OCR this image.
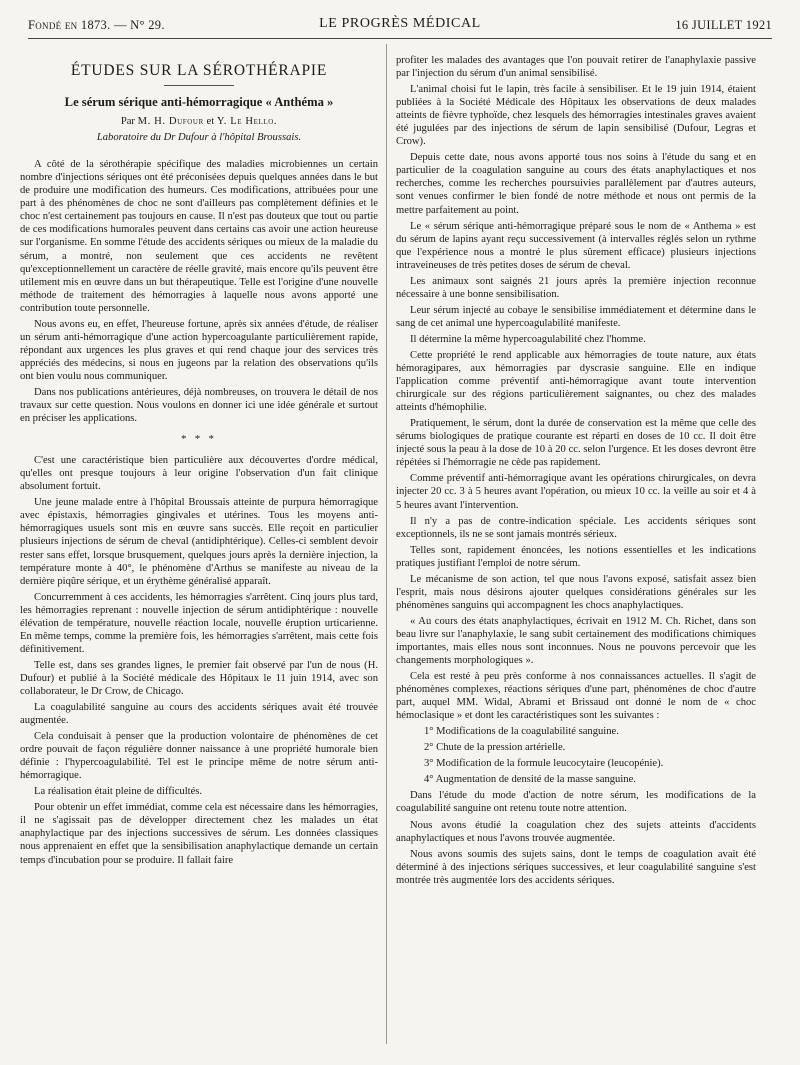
Fondé en 1873. — N° 29.	LE PROGRÈS MÉDICAL	16 JUILLET 1921
ÉTUDES SUR LA SÉROTHÉRAPIE
Le sérum sérique anti-hémorragique « Anthéma »
Par M. H. Dufour et Y. Le Hello.
Laboratoire du Dr Dufour à l'hôpital Broussais.

A côté de la sérothérapie spécifique des maladies microbiennes un certain nombre d'injections sériques ont été préconisées depuis quelques années dans le but de produire une modification des humeurs. Ces modifications, attribuées pour une part à des phénomènes de choc ne sont d'ailleurs pas complètement définies et le choc n'est certainement pas toujours en cause. Il n'est pas douteux que tout ou partie de ces modifications humorales peuvent dans certains cas avoir une action heureuse sur l'organisme. En somme l'étude des accidents sériques ou mieux de la maladie du sérum, a montré, non seulement que ces accidents ne revêtent qu'exceptionnellement un caractère de réelle gravité, mais encore qu'ils peuvent être utilement mis en œuvre dans un but thérapeutique. Telle est l'origine d'une nouvelle méthode de traitement des hémorragies à laquelle nous avons apporté une contribution toute personnelle.

Nous avons eu, en effet, l'heureuse fortune, après six années d'étude, de réaliser un sérum anti-hémorragique d'une action hypercoagulante particulièrement rapide, répondant aux urgences les plus graves et qui rend chaque jour des services très appréciés des médecins, si nous en jugeons par la relation des observations qu'ils ont bien voulu nous communiquer.

Dans nos publications antérieures, déjà nombreuses, on trouvera le détail de nos travaux sur cette question. Nous voulons en donner ici une idée générale et surtout en préciser les applications.

* * *

C'est une caractéristique bien particulière aux découvertes d'ordre médical, qu'elles ont presque toujours à leur origine l'observation d'un fait clinique absolument fortuit.

Une jeune malade entre à l'hôpital Broussais atteinte de purpura hémorragique avec épistaxis, hémorragies gingivales et utérines. Tous les moyens anti-hémorragiques usuels sont mis en œuvre sans succès. Elle reçoit en particulier plusieurs injections de sérum de cheval (antidiphtérique). Celles-ci semblent devoir rester sans effet, lorsque brusquement, quelques jours après la dernière injection, la température monte à 40°, le phénomène d'Arthus se manifeste au niveau de la dernière piqûre sérique, et un érythème généralisé apparaît.

Concurremment à ces accidents, les hémorragies s'arrêtent. Cinq jours plus tard, les hémorragies reprenant : nouvelle injection de sérum antidiphtérique : nouvelle élévation de température, nouvelle réaction locale, nouvelle éruption urticarienne. En même temps, comme la première fois, les hémorragies s'arrêtent, mais cette fois définitivement.

Telle est, dans ses grandes lignes, le premier fait observé par l'un de nous (H. Dufour) et publié à la Société médicale des Hôpitaux le 11 juin 1914, avec son collaborateur, le Dr Crow, de Chicago.

La coagulabilité sanguine au cours des accidents sériques avait été trouvée augmentée.

Cela conduisait à penser que la production volontaire de phénomènes de cet ordre pouvait de façon régulière donner naissance à une propriété humorale bien définie : l'hypercoagulabilité. Tel est le principe même de notre sérum anti-hémorragique.

La réalisation était pleine de difficultés.

Pour obtenir un effet immédiat, comme cela est nécessaire dans les hémorragies, il ne s'agissait pas de développer directement chez les malades un état anaphylactique par des injections successives de sérum. Les données classiques nous apprenaient en effet que la sensibilisation anaphylactique demande un certain temps d'incubation pour se produire. Il fallait faire

profiter les malades des avantages que l'on pouvait retirer de l'anaphylaxie passive par l'injection du sérum d'un animal sensibilisé.

L'animal choisi fut le lapin, très facile à sensibiliser. Et le 19 juin 1914, étaient publiées à la Société Médicale des Hôpitaux les observations de deux malades atteints de fièvre typhoïde, chez lesquels des hémorragies intestinales graves avaient été jugulées par des injections de sérum de lapin sensibilisé (Dufour, Legras et Crow).

Depuis cette date, nous avons apporté tous nos soins à l'étude du sang et en particulier de la coagulation sanguine au cours des états anaphylactiques et nos recherches, comme les recherches poursuivies parallèlement par d'autres auteurs, sont venues confirmer le bien fondé de notre méthode et nous ont permis de la mettre parfaitement au point.

Le « sérum sérique anti-hémorragique préparé sous le nom de « Anthema » est du sérum de lapins ayant reçu successivement (à intervalles réglés selon un rythme que l'expérience nous a montré le plus sûrement efficace) plusieurs injections intraveineuses de très petites doses de sérum de cheval.

Les animaux sont saignés 21 jours après la première injection reconnue nécessaire à une bonne sensibilisation.

Leur sérum injecté au cobaye le sensibilise immédiatement et détermine dans le sang de cet animal une hypercoagulabilité manifeste.

Il détermine la même hypercoagulabilité chez l'homme.

Cette propriété le rend applicable aux hémorragies de toute nature, aux états hémoragipares, aux hémorragies par dyscrasie sanguine. Elle en indique l'application comme préventif anti-hémorragique avant toute intervention chirurgicale sur des régions particulièrement saignantes, ou chez des malades atteints d'hémophilie.

Pratiquement, le sérum, dont la durée de conservation est la même que celle des sérums biologiques de pratique courante est réparti en doses de 10 cc. Il doit être injecté sous la peau à la dose de 10 à 20 cc. selon l'urgence. Et les doses devront être répétées si l'hémorragie ne cède pas rapidement.

Comme préventif anti-hémorragique avant les opérations chirurgicales, on devra injecter 20 cc. 3 à 5 heures avant l'opération, ou mieux 10 cc. la veille au soir et 4 à 5 heures avant l'intervention.

Il n'y a pas de contre-indication spéciale. Les accidents sériques sont exceptionnels, ils ne se sont jamais montrés sérieux.

Telles sont, rapidement énoncées, les notions essentielles et les indications pratiques justifiant l'emploi de notre sérum.

Le mécanisme de son action, tel que nous l'avons exposé, satisfait assez bien l'esprit, mais nous désirons ajouter quelques considérations générales sur les phénomènes sanguins qui accompagnent les chocs anaphylactiques.

« Au cours des états anaphylactiques, écrivait en 1912 M. Ch. Richet, dans son beau livre sur l'anaphylaxie, le sang subit certainement des modifications chimiques importantes, mais elles nous sont inconnues. Nous ne pouvons percevoir que les changements morphologiques ».

Cela est resté à peu près conforme à nos connaissances actuelles. Il s'agit de phénomènes complexes, réactions sériques d'une part, phénomènes de choc d'autre part, auquel MM. Widal, Abrami et Brissaud ont donné le nom de « choc hémoclasique » et dont les caractéristiques sont les suivantes :

1° Modifications de la coagulabilité sanguine.

2° Chute de la pression artérielle.

3° Modification de la formule leucocytaire (leucopénie).

4° Augmentation de densité de la masse sanguine.

Dans l'étude du mode d'action de notre sérum, les modifications de la coagulabilité sanguine ont retenu toute notre attention.

Nous avons étudié la coagulation chez des sujets atteints d'accidents anaphylactiques et nous l'avons trouvée augmentée.

Nous avons soumis des sujets sains, dont le temps de coagulation avait été déterminé à des injections sériques successives, et leur coagulabilité sanguine s'est montrée très augmentée lors des accidents sériques.
